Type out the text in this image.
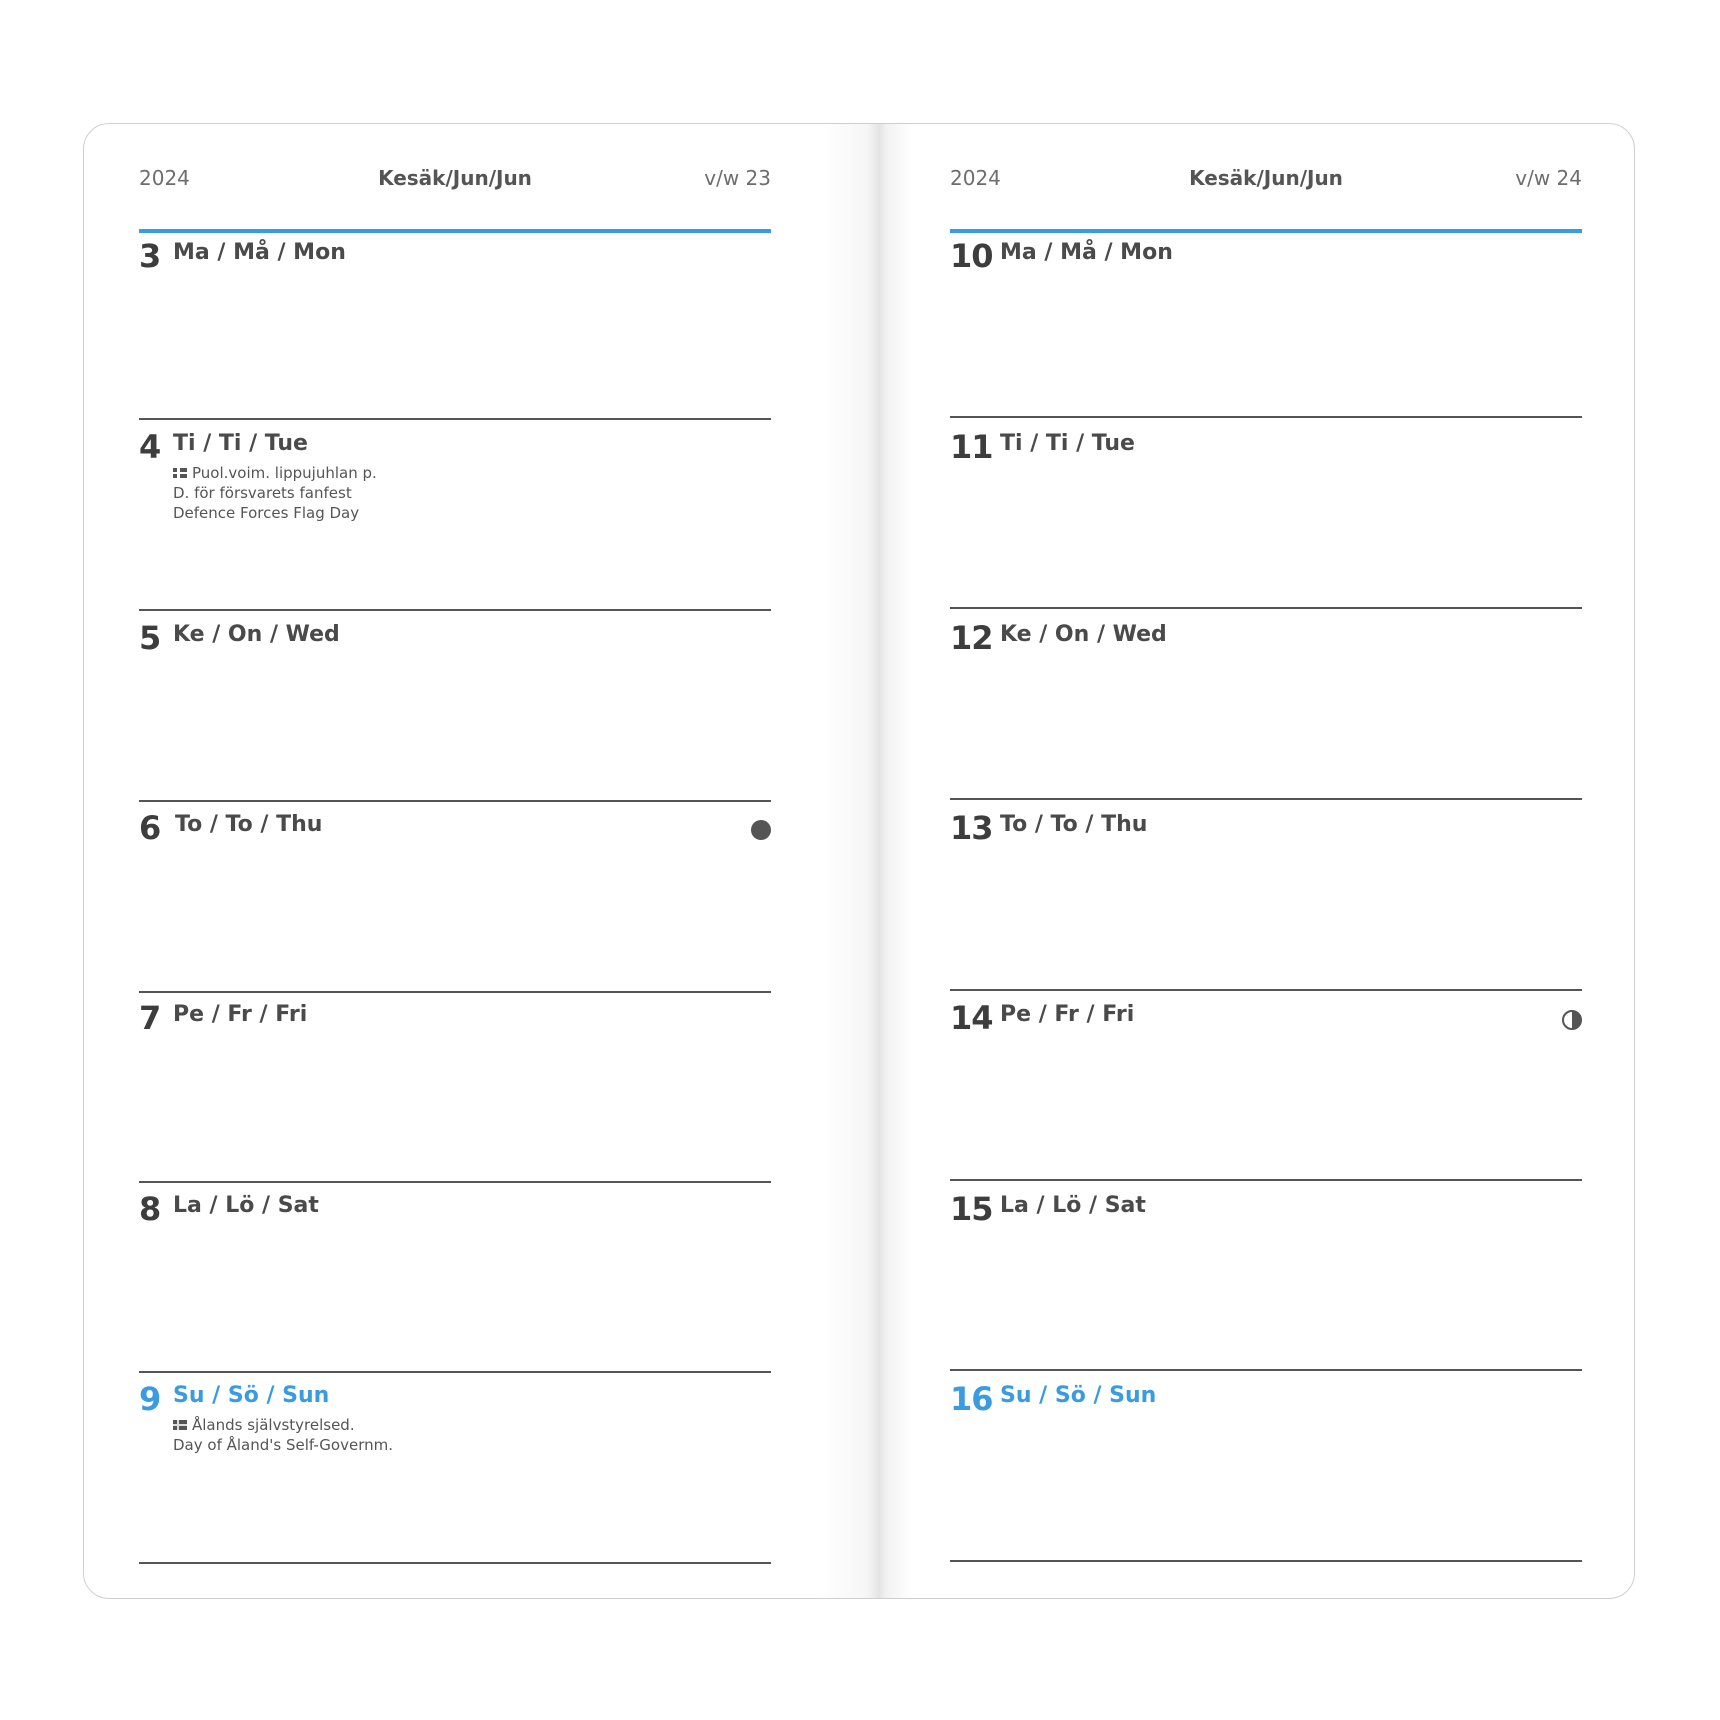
2024	Kesäk/Jun/Jun	v/w 23
3 Ma / Må / Mon
4 Ti / Ti / Tue
Puol.voim. lippujuhlan p.
D. för försvarets fanfest
Defence Forces Flag Day
5 Ke / On / Wed
6 To / To / Thu
7 Pe / Fr / Fri
8 La / Lö / Sat
9 Su / Sö / Sun
Ålands självstyrelsed.
Day of Åland's Self-Governm.
2024	Kesäk/Jun/Jun	v/w 24
10 Ma / Må / Mon
11 Ti / Ti / Tue
12 Ke / On / Wed
13 To / To / Thu
14 Pe / Fr / Fri
15 La / Lö / Sat
16 Su / Sö / Sun
